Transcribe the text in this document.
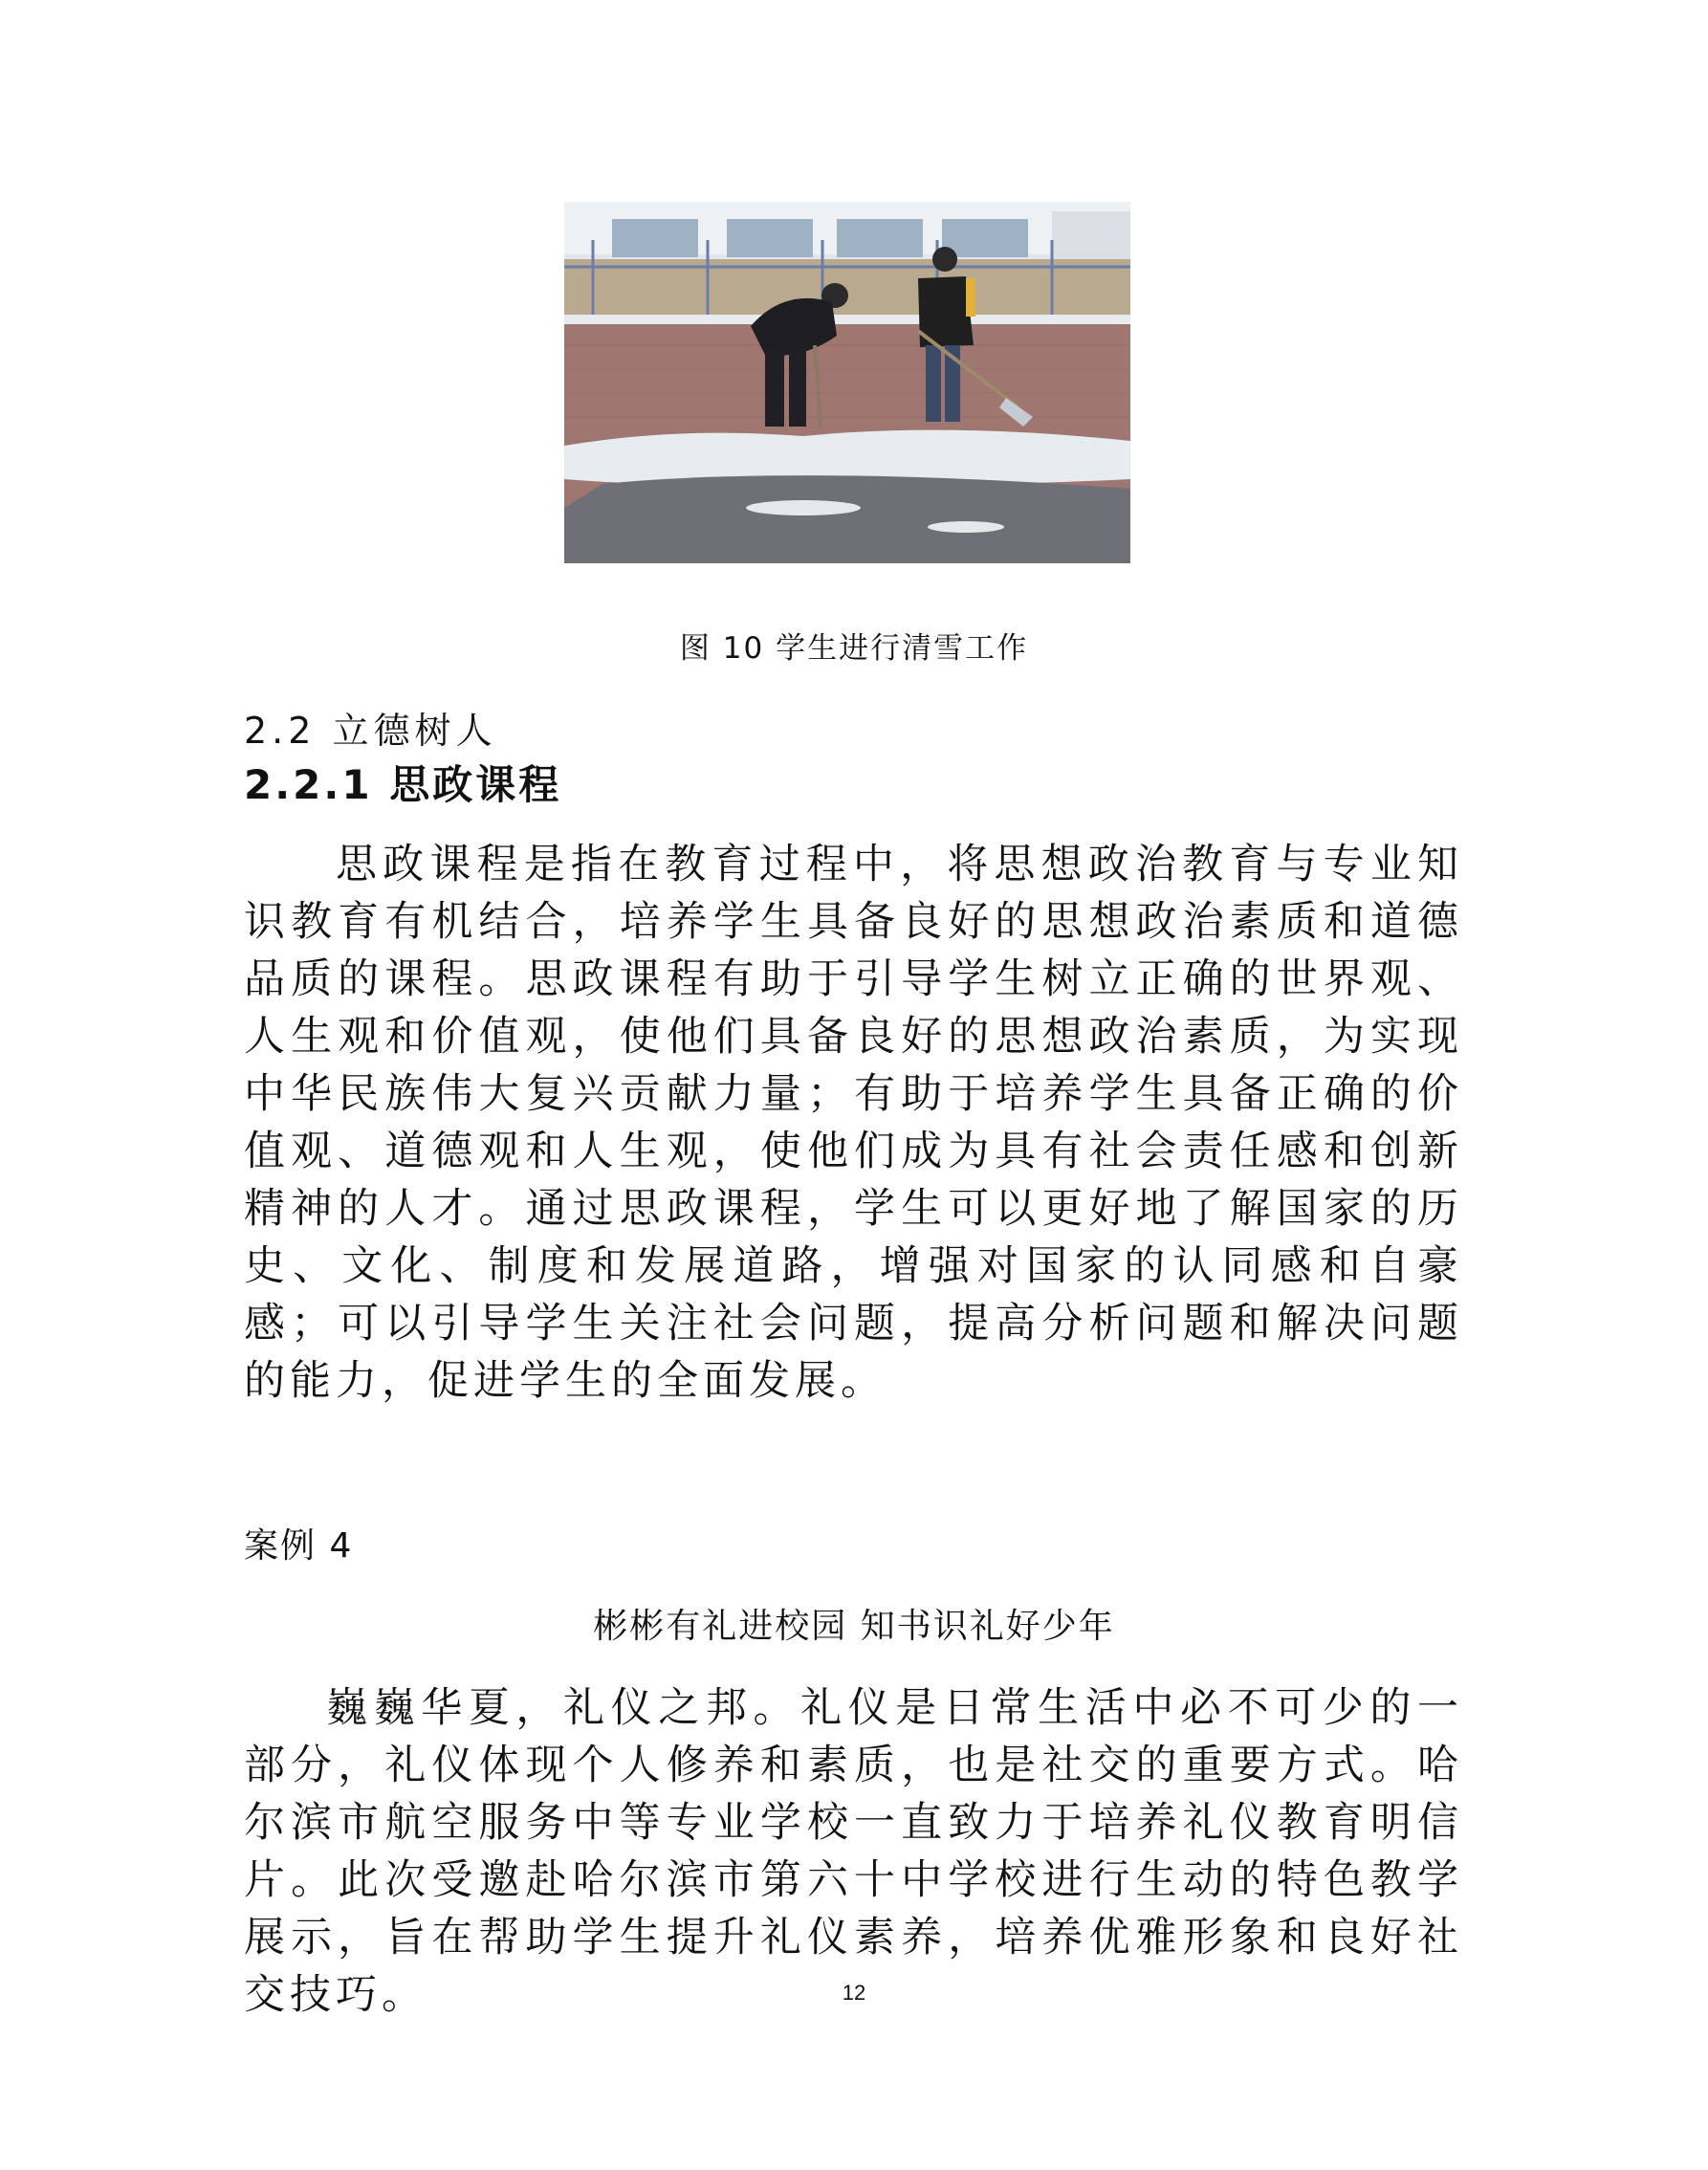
图 10 学生进行清雪工作
2.2 立德树人
2.2.1 思政课程

思政课程是指在教育过程中，将思想政治教育与专业知识教育有机结合，培养学生具备良好的思想政治素质和道德品质的课程。思政课程有助于引导学生树立正确的世界观、人生观和价值观，使他们具备良好的思想政治素质，为实现中华民族伟大复兴贡献力量；有助于培养学生具备正确的价值观、道德观和人生观，使他们成为具有社会责任感和创新精神的人才。通过思政课程，学生可以更好地了解国家的历史、文化、制度和发展道路，增强对国家的认同感和自豪感；可以引导学生关注社会问题，提高分析问题和解决问题的能力，促进学生的全面发展。

案例 4
彬彬有礼进校园 知书识礼好少年

巍巍华夏，礼仪之邦。礼仪是日常生活中必不可少的一部分，礼仪体现个人修养和素质，也是社交的重要方式。哈尔滨市航空服务中等专业学校一直致力于培养礼仪教育明信片。此次受邀赴哈尔滨市第六十中学校进行生动的特色教学展示，旨在帮助学生提升礼仪素养，培养优雅形象和良好社交技巧。	12
